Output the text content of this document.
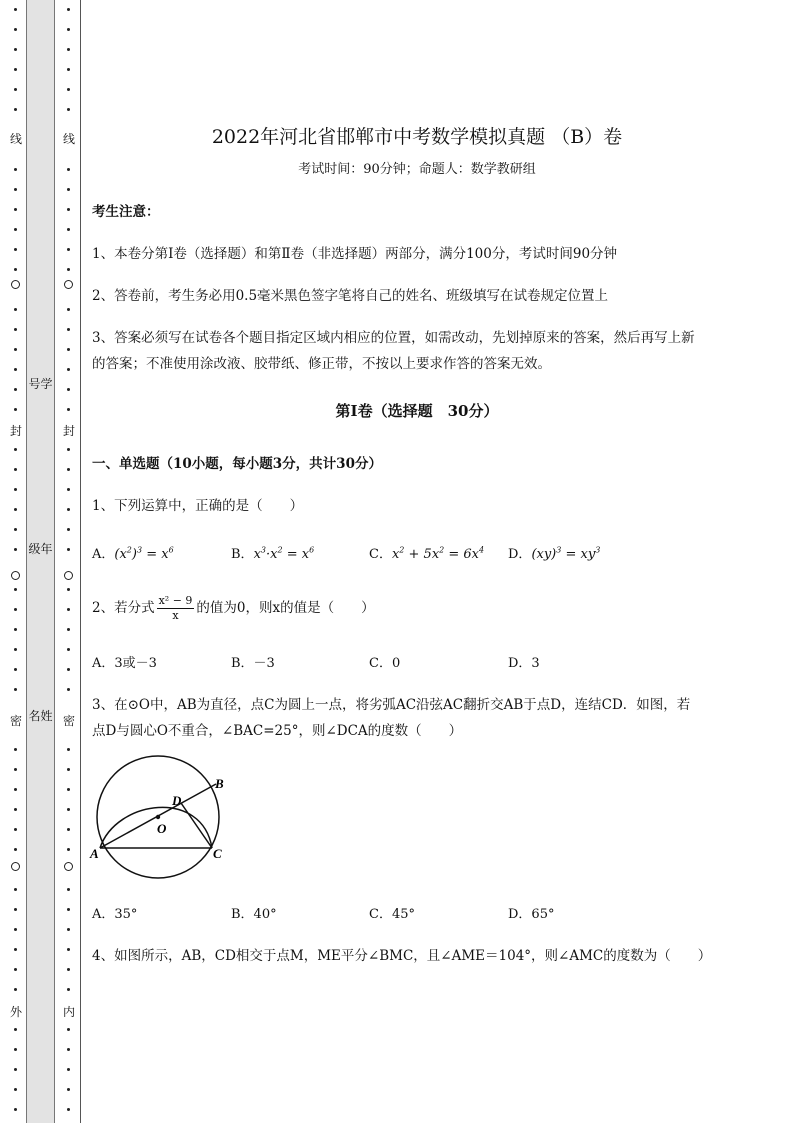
线
封
密
外
号学
级年
名姓
线
封
密
内
2022年河北省邯郸市中考数学模拟真题 （B）卷
考试时间：90分钟；命题人：数学教研组
考生注意：
1、本卷分第Ⅰ卷（选择题）和第Ⅱ卷（非选择题）两部分，满分100分，考试时间90分钟
2、答卷前，考生务必用0.5毫米黑色签字笔将自己的姓名、班级填写在试卷规定位置上
3、答案必须写在试卷各个题目指定区域内相应的位置，如需改动，先划掉原来的答案，然后再写上新
的答案；不准使用涂改液、胶带纸、修正带，不按以上要求作答的答案无效。
第Ⅰ卷（选择题　30分）
一、单选题（10小题，每小题3分，共计30分）
1、下列运算中，正确的是（　　）
A．$(x^2)^3 = x^6$	B．$x^3\cdot x^2 = x^6$	C．$x^2 + 5x^2 = 6x^4$ D．$(xy)^3 = xy^3$
2、若分式 $\frac{\text{x² − 9}}{x}$ 的值为0，则x的值是（　　）
A．3或－3	B．－3	C．0	D．3
3、在⊙O中，AB为直径，点C为圆上一点，将劣弧AC沿弦AC翻折交AB于点D，连结CD．如图，若
点D与圆心O不重合，∠BAC=25°，则∠DCA的度数（　　）
A．35°	B．40°	C．45°	D．65°
4、如图所示，AB，CD相交于点M，ME平分∠BMC，且∠AME＝104°，则∠AMC的度数为（　　）
A
B
C
D
O
